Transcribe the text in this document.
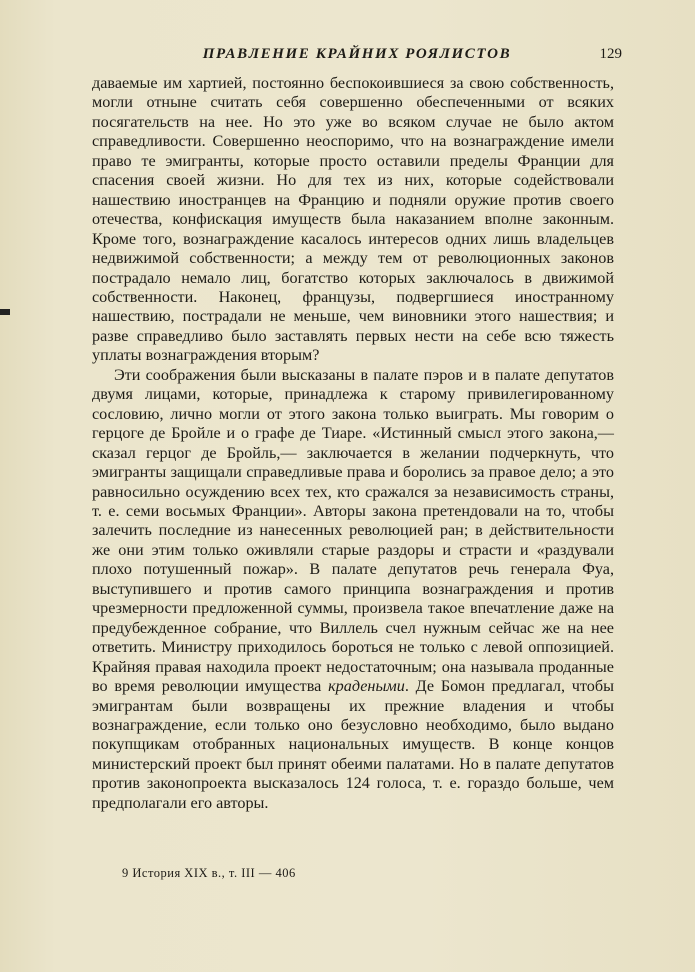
ПРАВЛЕНИЕ КРАЙНИХ РОЯЛИСТОВ	129

даваемые им хартией, постоянно беспокоившиеся за свою собственность, могли отныне считать себя совершенно обеспеченными от всяких посягательств на нее. Но это уже во всяком случае не было актом справедливости. Совершенно неоспоримо, что на вознаграждение имели право те эмигранты, которые просто оставили пределы Франции для спасения своей жизни. Но для тех из них, которые содействовали нашествию иностранцев на Францию и подняли оружие против своего отечества, конфискация имуществ была наказанием вполне законным. Кроме того, вознаграждение касалось интересов одних лишь владельцев недвижимой собственности; а между тем от революционных законов пострадало немало лиц, богатство которых заключалось в движимой собственности. Наконец, французы, подвергшиеся иностранному нашествию, пострадали не меньше, чем виновники этого нашествия; и разве справедливо было заставлять первых нести на себе всю тяжесть уплаты вознаграждения вторым?

Эти соображения были высказаны в палате пэров и в палате депутатов двумя лицами, которые, принадлежа к старому привилегированному сословию, лично могли от этого закона только выиграть. Мы говорим о герцоге де Бройле и о графе де Тиаре. «Истинный смысл этого закона,— сказал герцог де Бройль,— заключается в желании подчеркнуть, что эмигранты защищали справедливые права и боролись за правое дело; а это равносильно осуждению всех тех, кто сражался за независимость страны, т. е. семи восьмых Франции». Авторы закона претендовали на то, чтобы залечить последние из нанесенных революцией ран; в действительности же они этим только оживляли старые раздоры и страсти и «раздували плохо потушенный пожар». В палате депутатов речь генерала Фуа, выступившего и против самого принципа вознаграждения и против чрезмерности предложенной суммы, произвела такое впечатление даже на предубежденное собрание, что Виллель счел нужным сейчас же на нее ответить. Министру приходилось бороться не только с левой оппозицией. Крайняя правая находила проект недостаточным; она называла проданные во время революции имущества крадеными. Де Бомон предлагал, чтобы эмигрантам были возвращены их прежние владения и чтобы вознаграждение, если только оно безусловно необходимо, было выдано покупщикам отобранных национальных имуществ. В конце концов министерский проект был принят обеими палатами. Но в палате депутатов против законопроекта высказалось 124 голоса, т. е. гораздо больше, чем предполагали его авторы.

9 История XIX в., т. III — 406
